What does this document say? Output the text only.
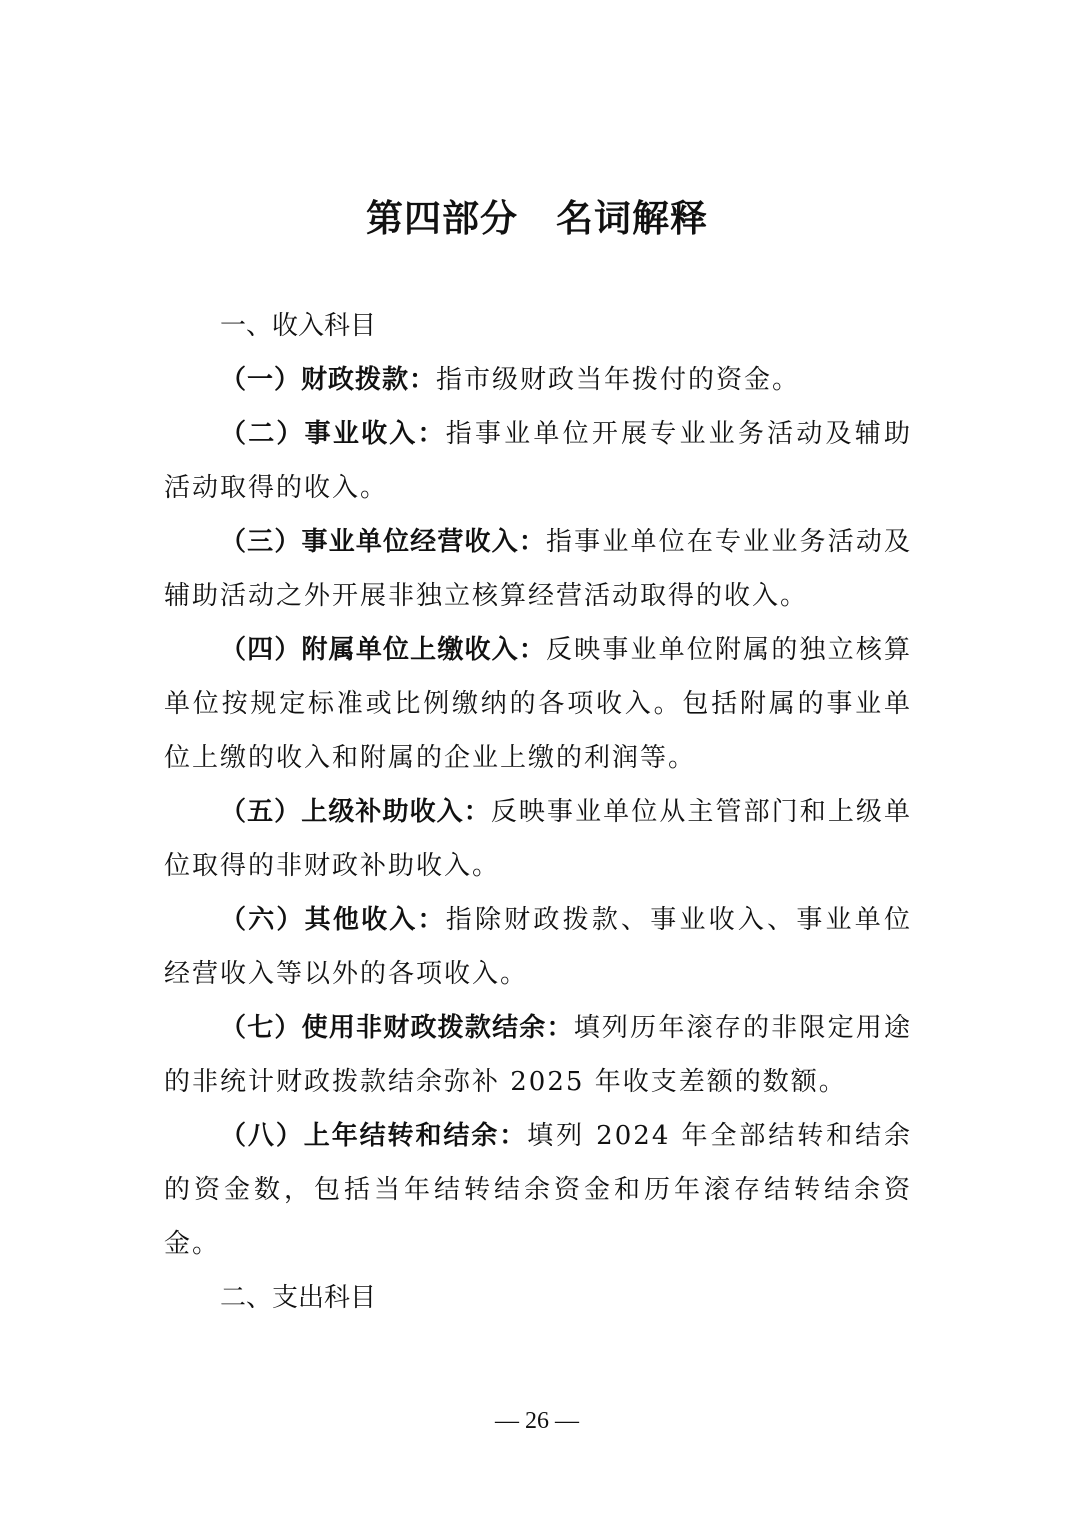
第四部分　名词解释

一、收入科目

（一）财政拨款：指市级财政当年拨付的资金。

（二）事业收入：指事业单位开展专业业务活动及辅助活动取得的收入。

（三）事业单位经营收入：指事业单位在专业业务活动及辅助活动之外开展非独立核算经营活动取得的收入。

（四）附属单位上缴收入：反映事业单位附属的独立核算单位按规定标准或比例缴纳的各项收入。包括附属的事业单位上缴的收入和附属的企业上缴的利润等。

（五）上级补助收入：反映事业单位从主管部门和上级单位取得的非财政补助收入。

（六）其他收入：指除财政拨款、事业收入、事业单位经营收入等以外的各项收入。

（七）使用非财政拨款结余：填列历年滚存的非限定用途的非统计财政拨款结余弥补 2025 年收支差额的数额。

（八）上年结转和结余：填列 2024 年全部结转和结余的资金数，包括当年结转结余资金和历年滚存结转结余资金。

二、支出科目

— 26 —
